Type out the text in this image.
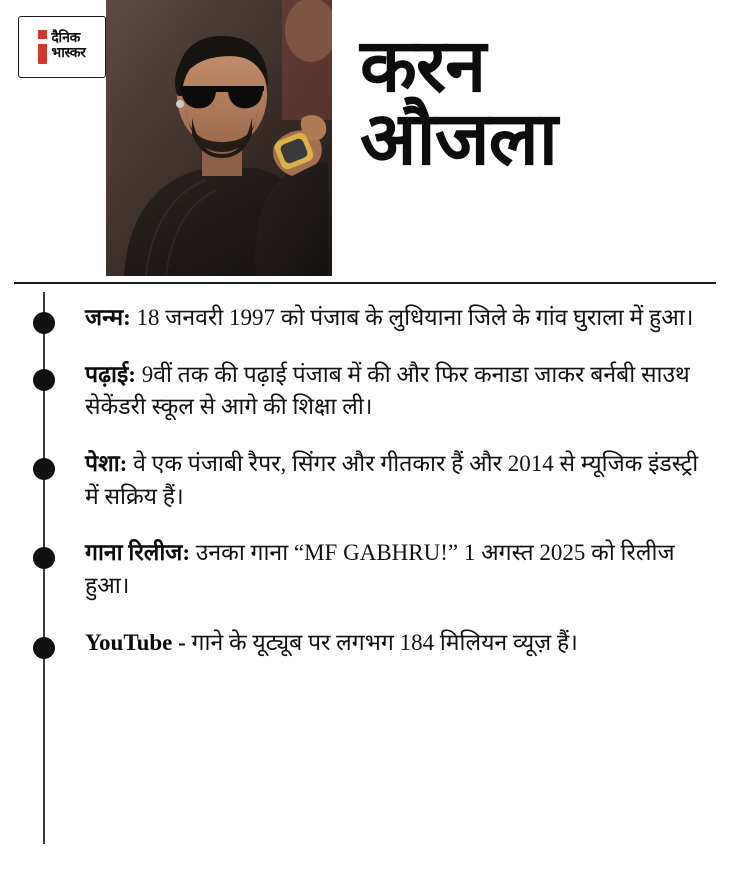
दैनिक
भास्कर	करन
औजला
जन्म: 18 जनवरी 1997 को पंजाब के लुधियाना जिले के गांव घुराला में हुआ।
पढ़ाई: 9वीं तक की पढ़ाई पंजाब में की और फिर कनाडा जाकर बर्नबी साउथ सेकेंडरी स्कूल से आगे की शिक्षा ली।
पेशा: वे एक पंजाबी रैपर, सिंगर और गीतकार हैं और 2014 से म्यूजिक इंडस्ट्री में सक्रिय हैं।
गाना रिलीज: उनका गाना “MF GABHRU!” 1 अगस्त 2025 को रिलीज हुआ।
YouTube - गाने के यूट्यूब पर लगभग 184 मिलियन व्यूज़ हैं।
